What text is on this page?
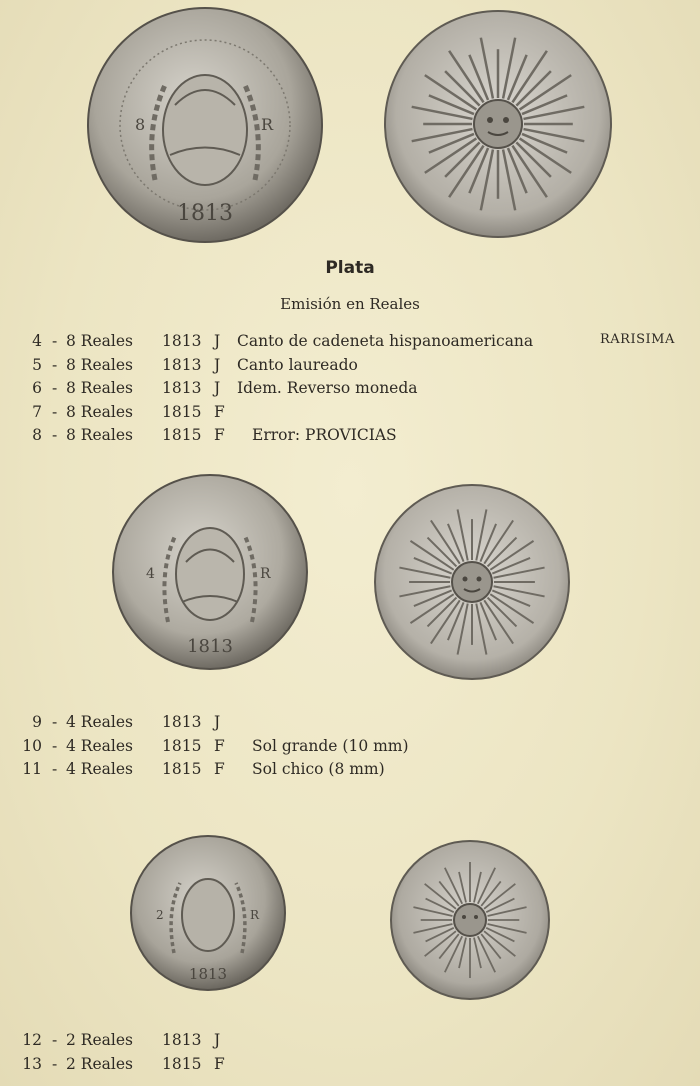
8	R
1813
4	R
1813
2	R
1813
Plata
Emisión en Reales
4 - 8 Reales 1813 J Canto de cadeneta hispanoamericana	RARISIMA
5 - 8 Reales 1813 J Canto laureado
6 - 8 Reales 1813 J Idem. Reverso moneda
7 - 8 Reales 1815 F
8 - 8 Reales 1815 F Error: PROVICIAS
9 - 4 Reales 1813 J
10 - 4 Reales 1815 F Sol grande (10 mm)
11 - 4 Reales 1815 F Sol chico (8 mm)
12 - 2 Reales 1813 J
13 - 2 Reales 1815 F
